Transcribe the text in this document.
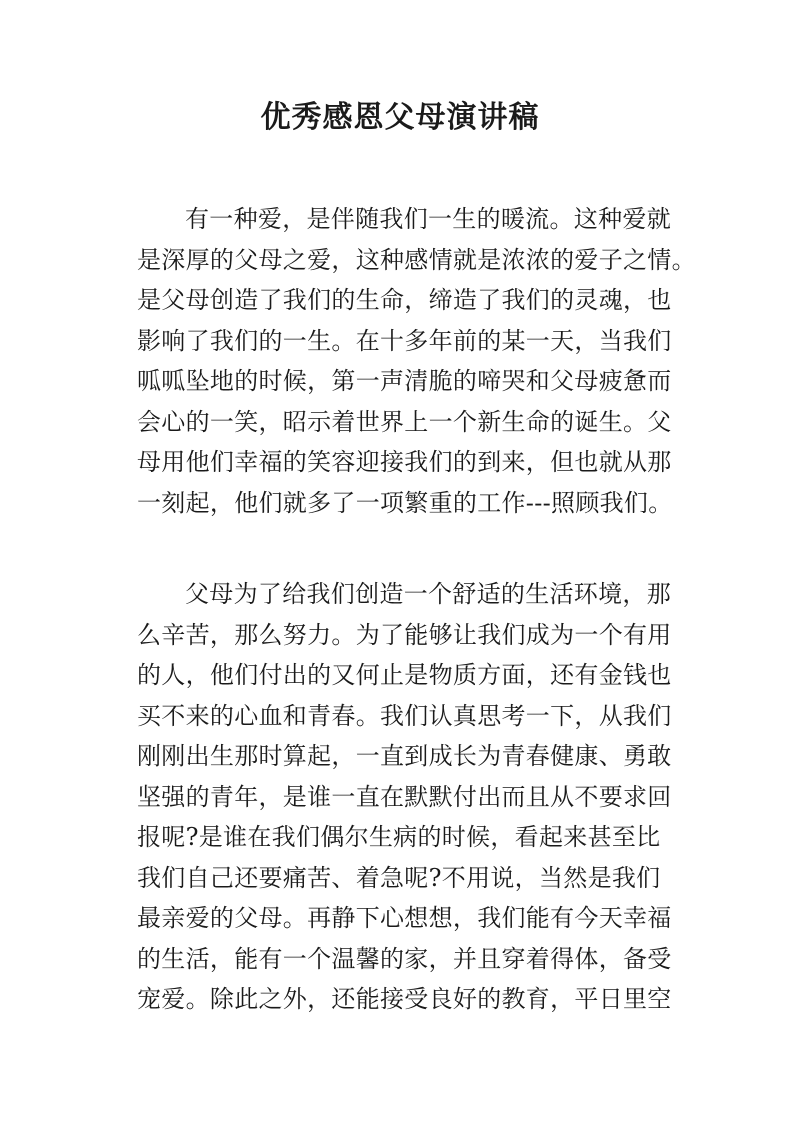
优秀感恩父母演讲稿
有一种爱，是伴随我们一生的暖流。这种爱就
是深厚的父母之爱，这种感情就是浓浓的爱子之情。
是父母创造了我们的生命，缔造了我们的灵魂，也
影响了我们的一生。在十多年前的某一天，当我们
呱呱坠地的时候，第一声清脆的啼哭和父母疲惫而
会心的一笑，昭示着世界上一个新生命的诞生。父
母用他们幸福的笑容迎接我们的到来，但也就从那
一刻起，他们就多了一项繁重的工作---照顾我们。
父母为了给我们创造一个舒适的生活环境，那
么辛苦，那么努力。为了能够让我们成为一个有用
的人，他们付出的又何止是物质方面，还有金钱也
买不来的心血和青春。我们认真思考一下，从我们
刚刚出生那时算起，一直到成长为青春健康、勇敢
坚强的青年，是谁一直在默默付出而且从不要求回
报呢?是谁在我们偶尔生病的时候，看起来甚至比
我们自己还要痛苦、着急呢?不用说，当然是我们
最亲爱的父母。再静下心想想，我们能有今天幸福
的生活，能有一个温馨的家，并且穿着得体，备受
宠爱。除此之外，还能接受良好的教育，平日里空
